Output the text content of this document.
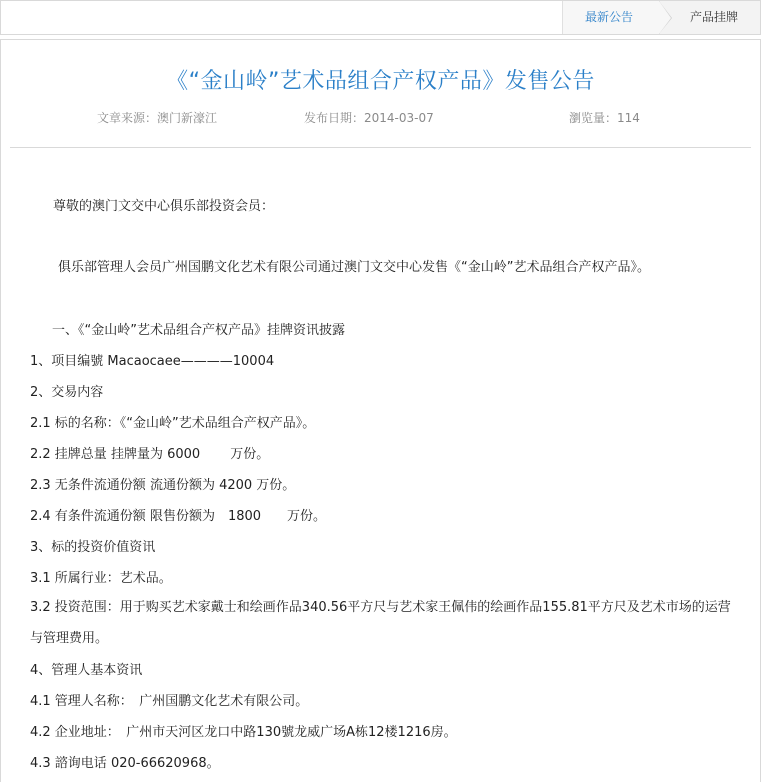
最新公告	产品挂牌
《“金山岭”艺术品组合产权产品》发售公告
文章来源：澳门新濠江	发布日期：2014-03-07	瀏览量：114
尊敬的澳门文交中心俱乐部投资会员：
俱乐部管理人会员广州国鹏文化艺术有限公司通过澳门文交中心发售《“金山岭”艺术品组合产权产品》。
一、《“金山岭”艺术品组合产权产品》挂牌资讯披露
1、项目编號 Macaocaee————10004
2、交易内容
2.1 标的名称：《“金山岭”艺术品组合产权产品》。
2.2 挂牌总量 挂牌量为 6000　　 万份。
2.3 无条件流通份额 流通份额为 4200 万份。
2.4 有条件流通份额 限售份额为　1800　　万份。
3、标的投资价值资讯
3.1 所属行业：艺术品。
3.2 投资范围：用于购买艺术家戴士和绘画作品340.56平方尺与艺术家王佩伟的绘画作品155.81平方尺及艺术市场的运营与管理费用。
4、管理人基本资讯
4.1 管理人名称：　广州国鹏文化艺术有限公司。
4.2 企业地址：　广州市天河区龙口中路130號龙威广场A栋12楼1216房。
4.3 諮询电话 020-66620968。
